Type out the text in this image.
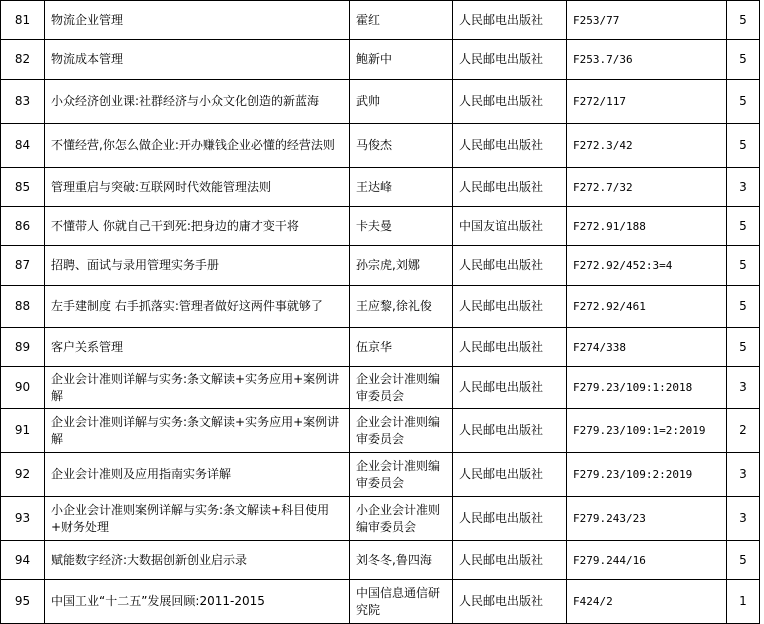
81	物流企业管理	霍红	人民邮电出版社	F253/77	5
82	物流成本管理	鲍新中	人民邮电出版社	F253.7/36	5
83	小众经济创业课:社群经济与小众文化创造的新蓝海	武帅	人民邮电出版社	F272/117	5
84	不懂经营,你怎么做企业:开办赚钱企业必懂的经营法则	马俊杰	人民邮电出版社	F272.3/42	5
85	管理重启与突破:互联网时代效能管理法则	王达峰	人民邮电出版社	F272.7/32	3
86	不懂带人 你就自己干到死:把身边的庸才变干将	卡夫曼	中国友谊出版社	F272.91/188	5
87	招聘、面试与录用管理实务手册	孙宗虎,刘娜	人民邮电出版社	F272.92/452:3=4	5
88	左手建制度 右手抓落实:管理者做好这两件事就够了	王应黎,徐礼俊	人民邮电出版社	F272.92/461	5
89	客户关系管理	伍京华	人民邮电出版社	F274/338	5
90	企业会计准则详解与实务:条文解读+实务应用+案例讲解	企业会计准则编审委员会	人民邮电出版社	F279.23/109:1:2018	3
91	企业会计准则详解与实务:条文解读+实务应用+案例讲解	企业会计准则编审委员会	人民邮电出版社	F279.23/109:1=2:2019	2
92	企业会计准则及应用指南实务详解	企业会计准则编审委员会	人民邮电出版社	F279.23/109:2:2019	3
93	小企业会计准则案例详解与实务:条文解读+科目使用+财务处理	小企业会计准则编审委员会	人民邮电出版社	F279.243/23	3
94	赋能数字经济:大数据创新创业启示录	刘冬冬,鲁四海	人民邮电出版社	F279.244/16	5
95	中国工业“十二五”发展回顾:2011-2015	中国信息通信研究院	人民邮电出版社	F424/2	1
